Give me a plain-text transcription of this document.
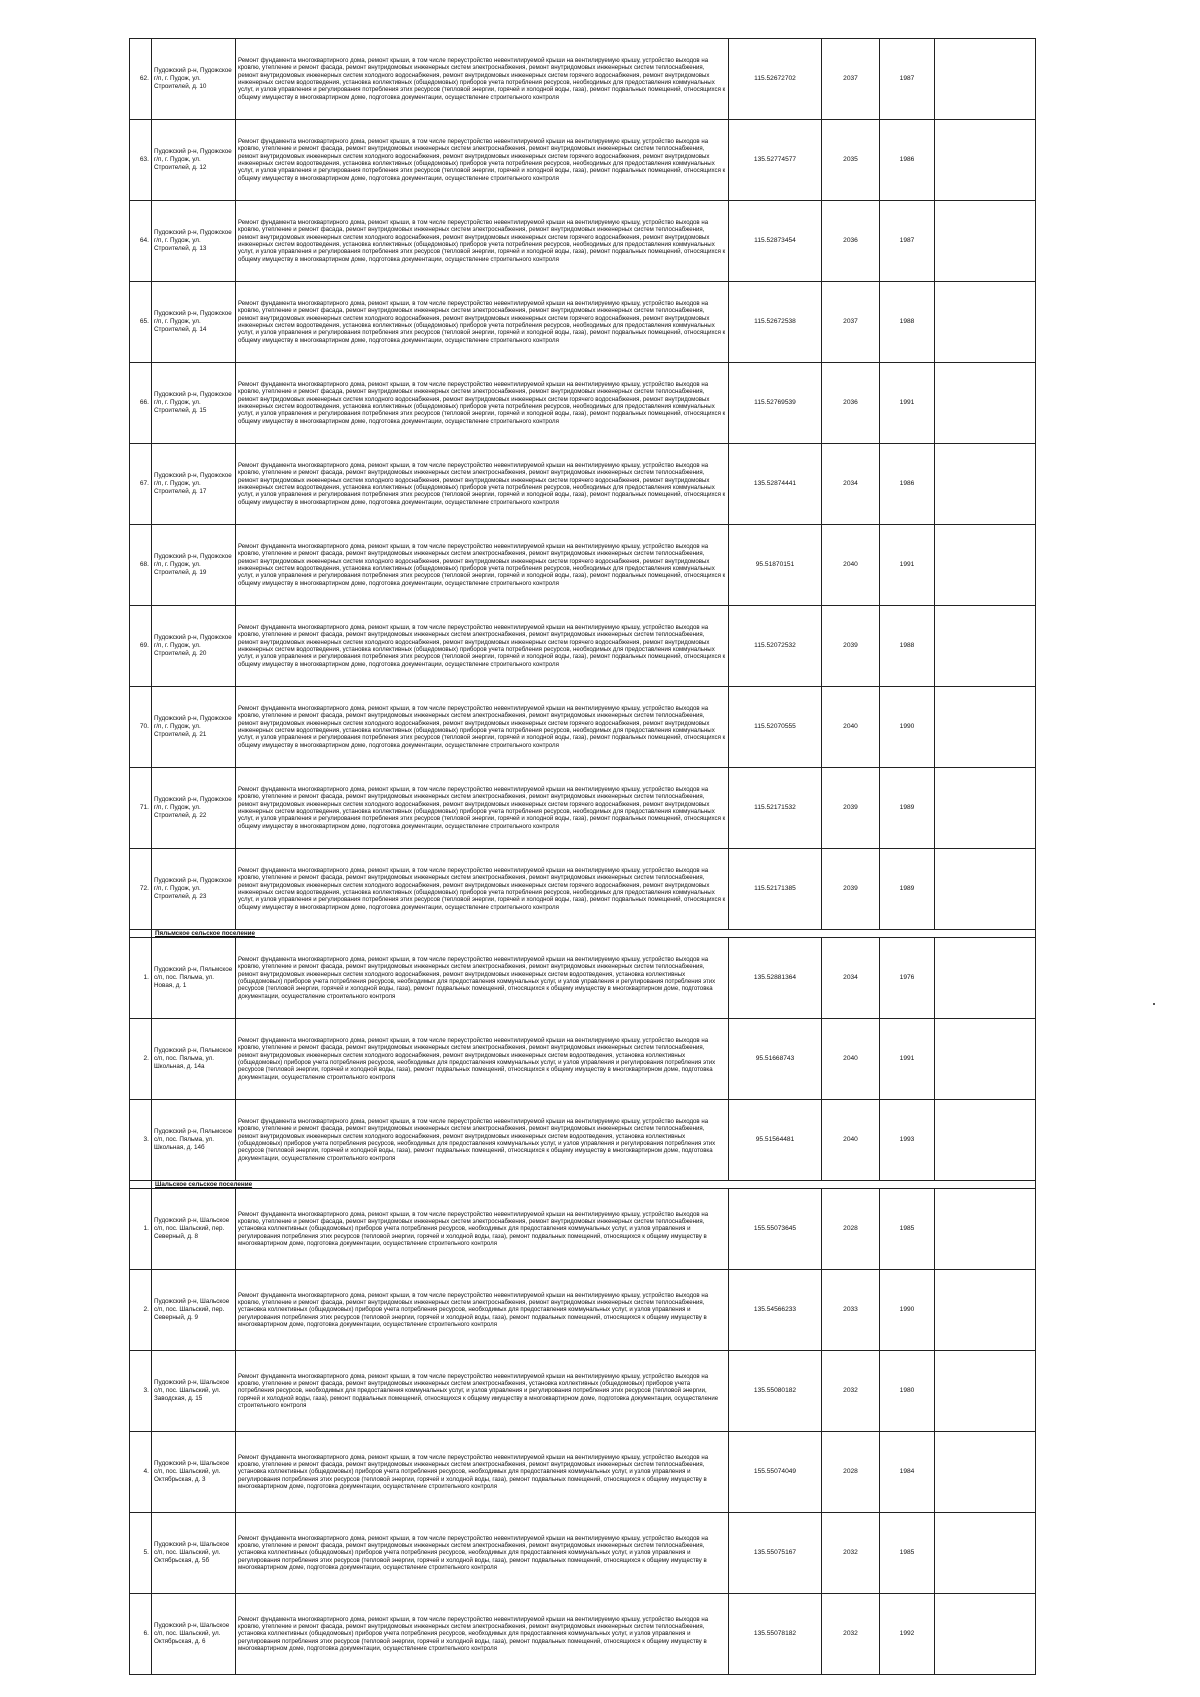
62.	Пудожский р-н, Пудожское г/п, г. Пудож, ул. Строителей, д. 10	Ремонт фундамента многоквартирного дома, ремонт крыши, в том числе переустройство невентилируемой крыши на вентилируемую крышу, устройство выходов на кровлю, утепление и ремонт фасада, ремонт внутридомовых инженерных систем электроснабжения, ремонт внутридомовых инженерных систем теплоснабжения, ремонт внутридомовых инженерных систем холодного водоснабжения, ремонт внутридомовых инженерных систем горячего водоснабжения, ремонт внутридомовых инженерных систем водоотведения, установка коллективных (общедомовых) приборов учета потребления ресурсов, необходимых для предоставления коммунальных услуг, и узлов управления и регулирования потребления этих ресурсов (тепловой энергии, горячей и холодной воды, газа), ремонт подвальных помещений, относящихся к общему имуществу в многоквартирном доме, подготовка документации, осуществление строительного контроля	115.52672702	2037	1987	
63.	Пудожский р-н, Пудожское г/п, г. Пудож, ул. Строителей, д. 12	Ремонт фундамента многоквартирного дома, ремонт крыши, в том числе переустройство невентилируемой крыши на вентилируемую крышу, устройство выходов на кровлю, утепление и ремонт фасада, ремонт внутридомовых инженерных систем электроснабжения, ремонт внутридомовых инженерных систем теплоснабжения, ремонт внутридомовых инженерных систем холодного водоснабжения, ремонт внутридомовых инженерных систем горячего водоснабжения, ремонт внутридомовых инженерных систем водоотведения, установка коллективных (общедомовых) приборов учета потребления ресурсов, необходимых для предоставления коммунальных услуг, и узлов управления и регулирования потребления этих ресурсов (тепловой энергии, горячей и холодной воды, газа), ремонт подвальных помещений, относящихся к общему имуществу в многоквартирном доме, подготовка документации, осуществление строительного контроля	135.52774577	2035	1986	
64.	Пудожский р-н, Пудожское г/п, г. Пудож, ул. Строителей, д. 13	Ремонт фундамента многоквартирного дома, ремонт крыши, в том числе переустройство невентилируемой крыши на вентилируемую крышу, устройство выходов на кровлю, утепление и ремонт фасада, ремонт внутридомовых инженерных систем электроснабжения, ремонт внутридомовых инженерных систем теплоснабжения, ремонт внутридомовых инженерных систем холодного водоснабжения, ремонт внутридомовых инженерных систем горячего водоснабжения, ремонт внутридомовых инженерных систем водоотведения, установка коллективных (общедомовых) приборов учета потребления ресурсов, необходимых для предоставления коммунальных услуг, и узлов управления и регулирования потребления этих ресурсов (тепловой энергии, горячей и холодной воды, газа), ремонт подвальных помещений, относящихся к общему имуществу в многоквартирном доме, подготовка документации, осуществление строительного контроля	115.52873454	2036	1987	
65.	Пудожский р-н, Пудожское г/п, г. Пудож, ул. Строителей, д. 14	Ремонт фундамента многоквартирного дома, ремонт крыши, в том числе переустройство невентилируемой крыши на вентилируемую крышу, устройство выходов на кровлю, утепление и ремонт фасада, ремонт внутридомовых инженерных систем электроснабжения, ремонт внутридомовых инженерных систем теплоснабжения, ремонт внутридомовых инженерных систем холодного водоснабжения, ремонт внутридомовых инженерных систем горячего водоснабжения, ремонт внутридомовых инженерных систем водоотведения, установка коллективных (общедомовых) приборов учета потребления ресурсов, необходимых для предоставления коммунальных услуг, и узлов управления и регулирования потребления этих ресурсов (тепловой энергии, горячей и холодной воды, газа), ремонт подвальных помещений, относящихся к общему имуществу в многоквартирном доме, подготовка документации, осуществление строительного контроля	115.52672538	2037	1988	
66.	Пудожский р-н, Пудожское г/п, г. Пудож, ул. Строителей, д. 15	Ремонт фундамента многоквартирного дома, ремонт крыши, в том числе переустройство невентилируемой крыши на вентилируемую крышу, устройство выходов на кровлю, утепление и ремонт фасада, ремонт внутридомовых инженерных систем электроснабжения, ремонт внутридомовых инженерных систем теплоснабжения, ремонт внутридомовых инженерных систем холодного водоснабжения, ремонт внутридомовых инженерных систем горячего водоснабжения, ремонт внутридомовых инженерных систем водоотведения, установка коллективных (общедомовых) приборов учета потребления ресурсов, необходимых для предоставления коммунальных услуг, и узлов управления и регулирования потребления этих ресурсов (тепловой энергии, горячей и холодной воды, газа), ремонт подвальных помещений, относящихся к общему имуществу в многоквартирном доме, подготовка документации, осуществление строительного контроля	115.52769539	2036	1991	
67.	Пудожский р-н, Пудожское г/п, г. Пудож, ул. Строителей, д. 17	Ремонт фундамента многоквартирного дома, ремонт крыши, в том числе переустройство невентилируемой крыши на вентилируемую крышу, устройство выходов на кровлю, утепление и ремонт фасада, ремонт внутридомовых инженерных систем электроснабжения, ремонт внутридомовых инженерных систем теплоснабжения, ремонт внутридомовых инженерных систем холодного водоснабжения, ремонт внутридомовых инженерных систем горячего водоснабжения, ремонт внутридомовых инженерных систем водоотведения, установка коллективных (общедомовых) приборов учета потребления ресурсов, необходимых для предоставления коммунальных услуг, и узлов управления и регулирования потребления этих ресурсов (тепловой энергии, горячей и холодной воды, газа), ремонт подвальных помещений, относящихся к общему имуществу в многоквартирном доме, подготовка документации, осуществление строительного контроля	135.52874441	2034	1986	
68.	Пудожский р-н, Пудожское г/п, г. Пудож, ул. Строителей, д. 19	Ремонт фундамента многоквартирного дома, ремонт крыши, в том числе переустройство невентилируемой крыши на вентилируемую крышу, устройство выходов на кровлю, утепление и ремонт фасада, ремонт внутридомовых инженерных систем электроснабжения, ремонт внутридомовых инженерных систем теплоснабжения, ремонт внутридомовых инженерных систем холодного водоснабжения, ремонт внутридомовых инженерных систем горячего водоснабжения, ремонт внутридомовых инженерных систем водоотведения, установка коллективных (общедомовых) приборов учета потребления ресурсов, необходимых для предоставления коммунальных услуг, и узлов управления и регулирования потребления этих ресурсов (тепловой энергии, горячей и холодной воды, газа), ремонт подвальных помещений, относящихся к общему имуществу в многоквартирном доме, подготовка документации, осуществление строительного контроля	95.51870151	2040	1991	
69.	Пудожский р-н, Пудожское г/п, г. Пудож, ул. Строителей, д. 20	Ремонт фундамента многоквартирного дома, ремонт крыши, в том числе переустройство невентилируемой крыши на вентилируемую крышу, устройство выходов на кровлю, утепление и ремонт фасада, ремонт внутридомовых инженерных систем электроснабжения, ремонт внутридомовых инженерных систем теплоснабжения, ремонт внутридомовых инженерных систем холодного водоснабжения, ремонт внутридомовых инженерных систем горячего водоснабжения, ремонт внутридомовых инженерных систем водоотведения, установка коллективных (общедомовых) приборов учета потребления ресурсов, необходимых для предоставления коммунальных услуг, и узлов управления и регулирования потребления этих ресурсов (тепловой энергии, горячей и холодной воды, газа), ремонт подвальных помещений, относящихся к общему имуществу в многоквартирном доме, подготовка документации, осуществление строительного контроля	115.52072532	2039	1988	
70.	Пудожский р-н, Пудожское г/п, г. Пудож, ул. Строителей, д. 21	Ремонт фундамента многоквартирного дома, ремонт крыши, в том числе переустройство невентилируемой крыши на вентилируемую крышу, устройство выходов на кровлю, утепление и ремонт фасада, ремонт внутридомовых инженерных систем электроснабжения, ремонт внутридомовых инженерных систем теплоснабжения, ремонт внутридомовых инженерных систем холодного водоснабжения, ремонт внутридомовых инженерных систем горячего водоснабжения, ремонт внутридомовых инженерных систем водоотведения, установка коллективных (общедомовых) приборов учета потребления ресурсов, необходимых для предоставления коммунальных услуг, и узлов управления и регулирования потребления этих ресурсов (тепловой энергии, горячей и холодной воды, газа), ремонт подвальных помещений, относящихся к общему имуществу в многоквартирном доме, подготовка документации, осуществление строительного контроля	115.52070555	2040	1990	
71.	Пудожский р-н, Пудожское г/п, г. Пудож, ул. Строителей, д. 22	Ремонт фундамента многоквартирного дома, ремонт крыши, в том числе переустройство невентилируемой крыши на вентилируемую крышу, устройство выходов на кровлю, утепление и ремонт фасада, ремонт внутридомовых инженерных систем электроснабжения, ремонт внутридомовых инженерных систем теплоснабжения, ремонт внутридомовых инженерных систем холодного водоснабжения, ремонт внутридомовых инженерных систем горячего водоснабжения, ремонт внутридомовых инженерных систем водоотведения, установка коллективных (общедомовых) приборов учета потребления ресурсов, необходимых для предоставления коммунальных услуг, и узлов управления и регулирования потребления этих ресурсов (тепловой энергии, горячей и холодной воды, газа), ремонт подвальных помещений, относящихся к общему имуществу в многоквартирном доме, подготовка документации, осуществление строительного контроля	115.52171532	2039	1989	
72.	Пудожский р-н, Пудожское г/п, г. Пудож, ул. Строителей, д. 23	Ремонт фундамента многоквартирного дома, ремонт крыши, в том числе переустройство невентилируемой крыши на вентилируемую крышу, устройство выходов на кровлю, утепление и ремонт фасада, ремонт внутридомовых инженерных систем электроснабжения, ремонт внутридомовых инженерных систем теплоснабжения, ремонт внутридомовых инженерных систем холодного водоснабжения, ремонт внутридомовых инженерных систем горячего водоснабжения, ремонт внутридомовых инженерных систем водоотведения, установка коллективных (общедомовых) приборов учета потребления ресурсов, необходимых для предоставления коммунальных услуг, и узлов управления и регулирования потребления этих ресурсов (тепловой энергии, горячей и холодной воды, газа), ремонт подвальных помещений, относящихся к общему имуществу в многоквартирном доме, подготовка документации, осуществление строительного контроля	115.52171385	2039	1989	
	Пяльмское сельское поселение					
1.	Пудожский р-н, Пяльмское с/п, пос. Пяльма, ул. Новая, д. 1	Ремонт фундамента многоквартирного дома, ремонт крыши, в том числе переустройство невентилируемой крыши на вентилируемую крышу, устройство выходов на кровлю, утепление и ремонт фасада, ремонт внутридомовых инженерных систем электроснабжения, ремонт внутридомовых инженерных систем теплоснабжения, ремонт внутридомовых инженерных систем холодного водоснабжения, ремонт внутридомовых инженерных систем водоотведения, установка коллективных (общедомовых) приборов учета потребления ресурсов, необходимых для предоставления коммунальных услуг, и узлов управления и регулирования потребления этих ресурсов (тепловой энергии, горячей и холодной воды, газа), ремонт подвальных помещений, относящихся к общему имуществу в многоквартирном доме, подготовка документации, осуществление строительного контроля	135.52881364	2034	1976	
2.	Пудожский р-н, Пяльмское с/п, пос. Пяльма, ул. Школьная, д. 14а	Ремонт фундамента многоквартирного дома, ремонт крыши, в том числе переустройство невентилируемой крыши на вентилируемую крышу, устройство выходов на кровлю, утепление и ремонт фасада, ремонт внутридомовых инженерных систем электроснабжения, ремонт внутридомовых инженерных систем теплоснабжения, ремонт внутридомовых инженерных систем холодного водоснабжения, ремонт внутридомовых инженерных систем водоотведения, установка коллективных (общедомовых) приборов учета потребления ресурсов, необходимых для предоставления коммунальных услуг, и узлов управления и регулирования потребления этих ресурсов (тепловой энергии, горячей и холодной воды, газа), ремонт подвальных помещений, относящихся к общему имуществу в многоквартирном доме, подготовка документации, осуществление строительного контроля	95.51668743	2040	1991	
3.	Пудожский р-н, Пяльмское с/п, пос. Пяльма, ул. Школьная, д. 14б	Ремонт фундамента многоквартирного дома, ремонт крыши, в том числе переустройство невентилируемой крыши на вентилируемую крышу, устройство выходов на кровлю, утепление и ремонт фасада, ремонт внутридомовых инженерных систем электроснабжения, ремонт внутридомовых инженерных систем теплоснабжения, ремонт внутридомовых инженерных систем холодного водоснабжения, ремонт внутридомовых инженерных систем водоотведения, установка коллективных (общедомовых) приборов учета потребления ресурсов, необходимых для предоставления коммунальных услуг, и узлов управления и регулирования потребления этих ресурсов (тепловой энергии, горячей и холодной воды, газа), ремонт подвальных помещений, относящихся к общему имуществу в многоквартирном доме, подготовка документации, осуществление строительного контроля	95.51564481	2040	1993	
	Шальское сельское поселение					
1.	Пудожский р-н, Шальское с/п, пос. Шальский, пер. Северный, д. 8	Ремонт фундамента многоквартирного дома, ремонт крыши, в том числе переустройство невентилируемой крыши на вентилируемую крышу, устройство выходов на кровлю, утепление и ремонт фасада, ремонт внутридомовых инженерных систем электроснабжения, ремонт внутридомовых инженерных систем теплоснабжения, установка коллективных (общедомовых) приборов учета потребления ресурсов, необходимых для предоставления коммунальных услуг, и узлов управления и регулирования потребления этих ресурсов (тепловой энергии, горячей и холодной воды, газа), ремонт подвальных помещений, относящихся к общему имуществу в многоквартирном доме, подготовка документации, осуществление строительного контроля	155.55073645	2028	1985	
2.	Пудожский р-н, Шальское с/п, пос. Шальский, пер. Северный, д. 9	Ремонт фундамента многоквартирного дома, ремонт крыши, в том числе переустройство невентилируемой крыши на вентилируемую крышу, устройство выходов на кровлю, утепление и ремонт фасада, ремонт внутридомовых инженерных систем электроснабжения, ремонт внутридомовых инженерных систем теплоснабжения, установка коллективных (общедомовых) приборов учета потребления ресурсов, необходимых для предоставления коммунальных услуг, и узлов управления и регулирования потребления этих ресурсов (тепловой энергии, горячей и холодной воды, газа), ремонт подвальных помещений, относящихся к общему имуществу в многоквартирном доме, подготовка документации, осуществление строительного контроля	135.54566233	2033	1990	
3.	Пудожский р-н, Шальское с/п, пос. Шальский, ул. Заводская, д. 15	Ремонт фундамента многоквартирного дома, ремонт крыши, в том числе переустройство невентилируемой крыши на вентилируемую крышу, устройство выходов на кровлю, утепление и ремонт фасада, ремонт внутридомовых инженерных систем электроснабжения, установка коллективных (общедомовых) приборов учета потребления ресурсов, необходимых для предоставления коммунальных услуг, и узлов управления и регулирования потребления этих ресурсов (тепловой энергии, горячей и холодной воды, газа), ремонт подвальных помещений, относящихся к общему имуществу в многоквартирном доме, подготовка документации, осуществление строительного контроля	135.55080182	2032	1980	
4.	Пудожский р-н, Шальское с/п, пос. Шальский, ул. Октябрьская, д. 3	Ремонт фундамента многоквартирного дома, ремонт крыши, в том числе переустройство невентилируемой крыши на вентилируемую крышу, устройство выходов на кровлю, утепление и ремонт фасада, ремонт внутридомовых инженерных систем электроснабжения, ремонт внутридомовых инженерных систем теплоснабжения, установка коллективных (общедомовых) приборов учета потребления ресурсов, необходимых для предоставления коммунальных услуг, и узлов управления и регулирования потребления этих ресурсов (тепловой энергии, горячей и холодной воды, газа), ремонт подвальных помещений, относящихся к общему имуществу в многоквартирном доме, подготовка документации, осуществление строительного контроля	155.55074049	2028	1984	
5.	Пудожский р-н, Шальское с/п, пос. Шальский, ул. Октябрьская, д. 5б	Ремонт фундамента многоквартирного дома, ремонт крыши, в том числе переустройство невентилируемой крыши на вентилируемую крышу, устройство выходов на кровлю, утепление и ремонт фасада, ремонт внутридомовых инженерных систем электроснабжения, ремонт внутридомовых инженерных систем теплоснабжения, установка коллективных (общедомовых) приборов учета потребления ресурсов, необходимых для предоставления коммунальных услуг, и узлов управления и регулирования потребления этих ресурсов (тепловой энергии, горячей и холодной воды, газа), ремонт подвальных помещений, относящихся к общему имуществу в многоквартирном доме, подготовка документации, осуществление строительного контроля	135.55075167	2032	1985	
6.	Пудожский р-н, Шальское с/п, пос. Шальский, ул. Октябрьская, д. 6	Ремонт фундамента многоквартирного дома, ремонт крыши, в том числе переустройство невентилируемой крыши на вентилируемую крышу, устройство выходов на кровлю, утепление и ремонт фасада, ремонт внутридомовых инженерных систем электроснабжения, ремонт внутридомовых инженерных систем теплоснабжения, установка коллективных (общедомовых) приборов учета потребления ресурсов, необходимых для предоставления коммунальных услуг, и узлов управления и регулирования потребления этих ресурсов (тепловой энергии, горячей и холодной воды, газа), ремонт подвальных помещений, относящихся к общему имуществу в многоквартирном доме, подготовка документации, осуществление строительного контроля	135.55078182	2032	1992	
